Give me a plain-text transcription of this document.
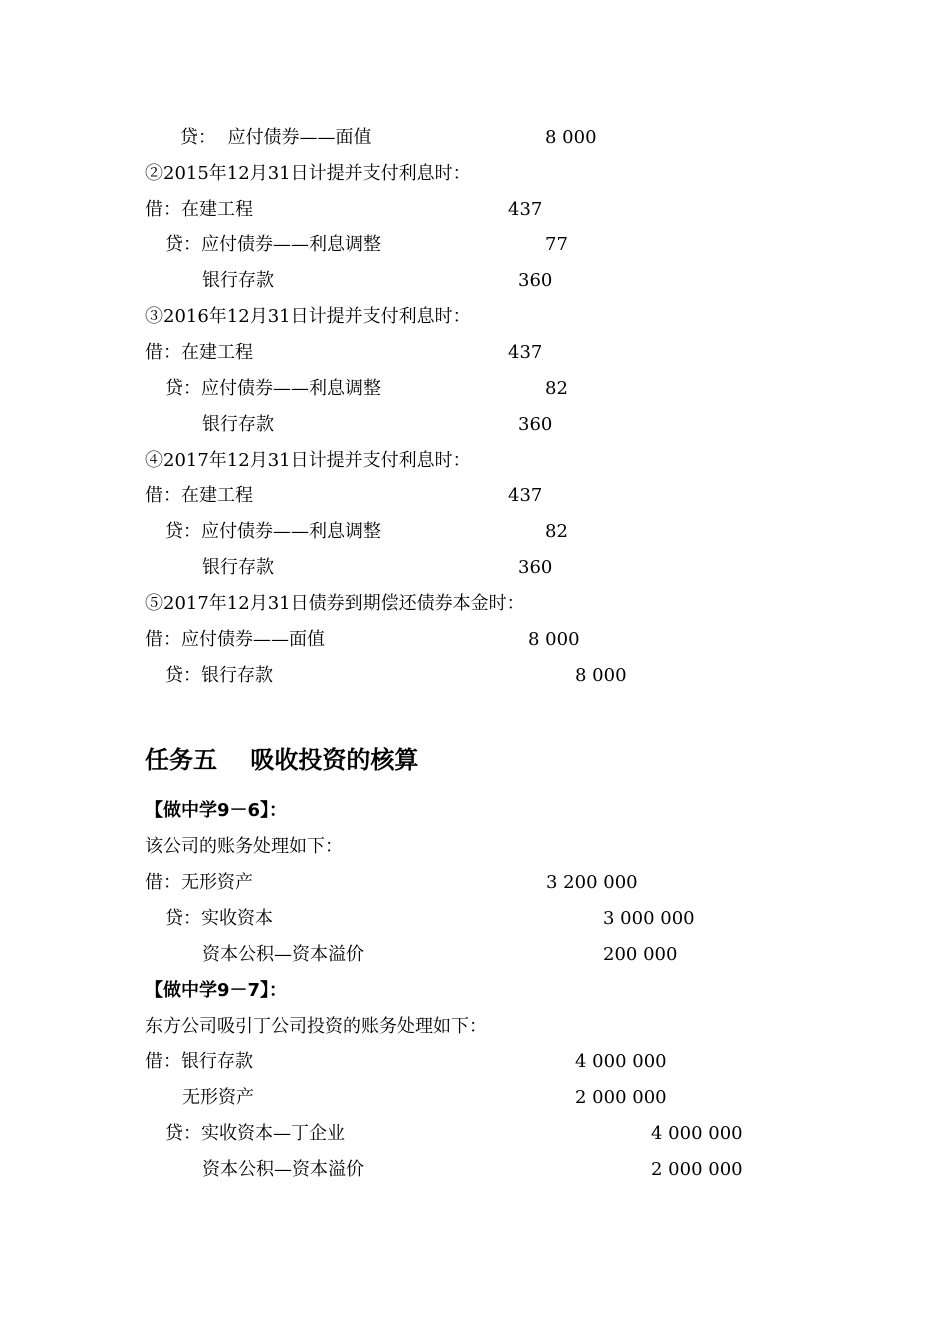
贷：  应付债券——面值	8 000
②2015年12月31日计提并支付利息时：
借：在建工程	437
贷：应付债券——利息调整	77
银行存款	360
③2016年12月31日计提并支付利息时：
借：在建工程	437
贷：应付债券——利息调整	82
银行存款	360
④2017年12月31日计提并支付利息时：
借：在建工程	437
贷：应付债券——利息调整	82
银行存款	360
⑤2017年12月31日债券到期偿还债券本金时：
借：应付债券——面值	8 000
贷：银行存款	8 000
任务五    吸收投资的核算
【做中学9－6】：
该公司的账务处理如下：
借：无形资产	3 200 000
贷：实收资本	3 000 000
资本公积—资本溢价	200 000
【做中学9－7】：
东方公司吸引丁公司投资的账务处理如下：
借：银行存款	4 000 000
无形资产	2 000 000
贷：实收资本—丁企业	4 000 000
资本公积—资本溢价	2 000 000
